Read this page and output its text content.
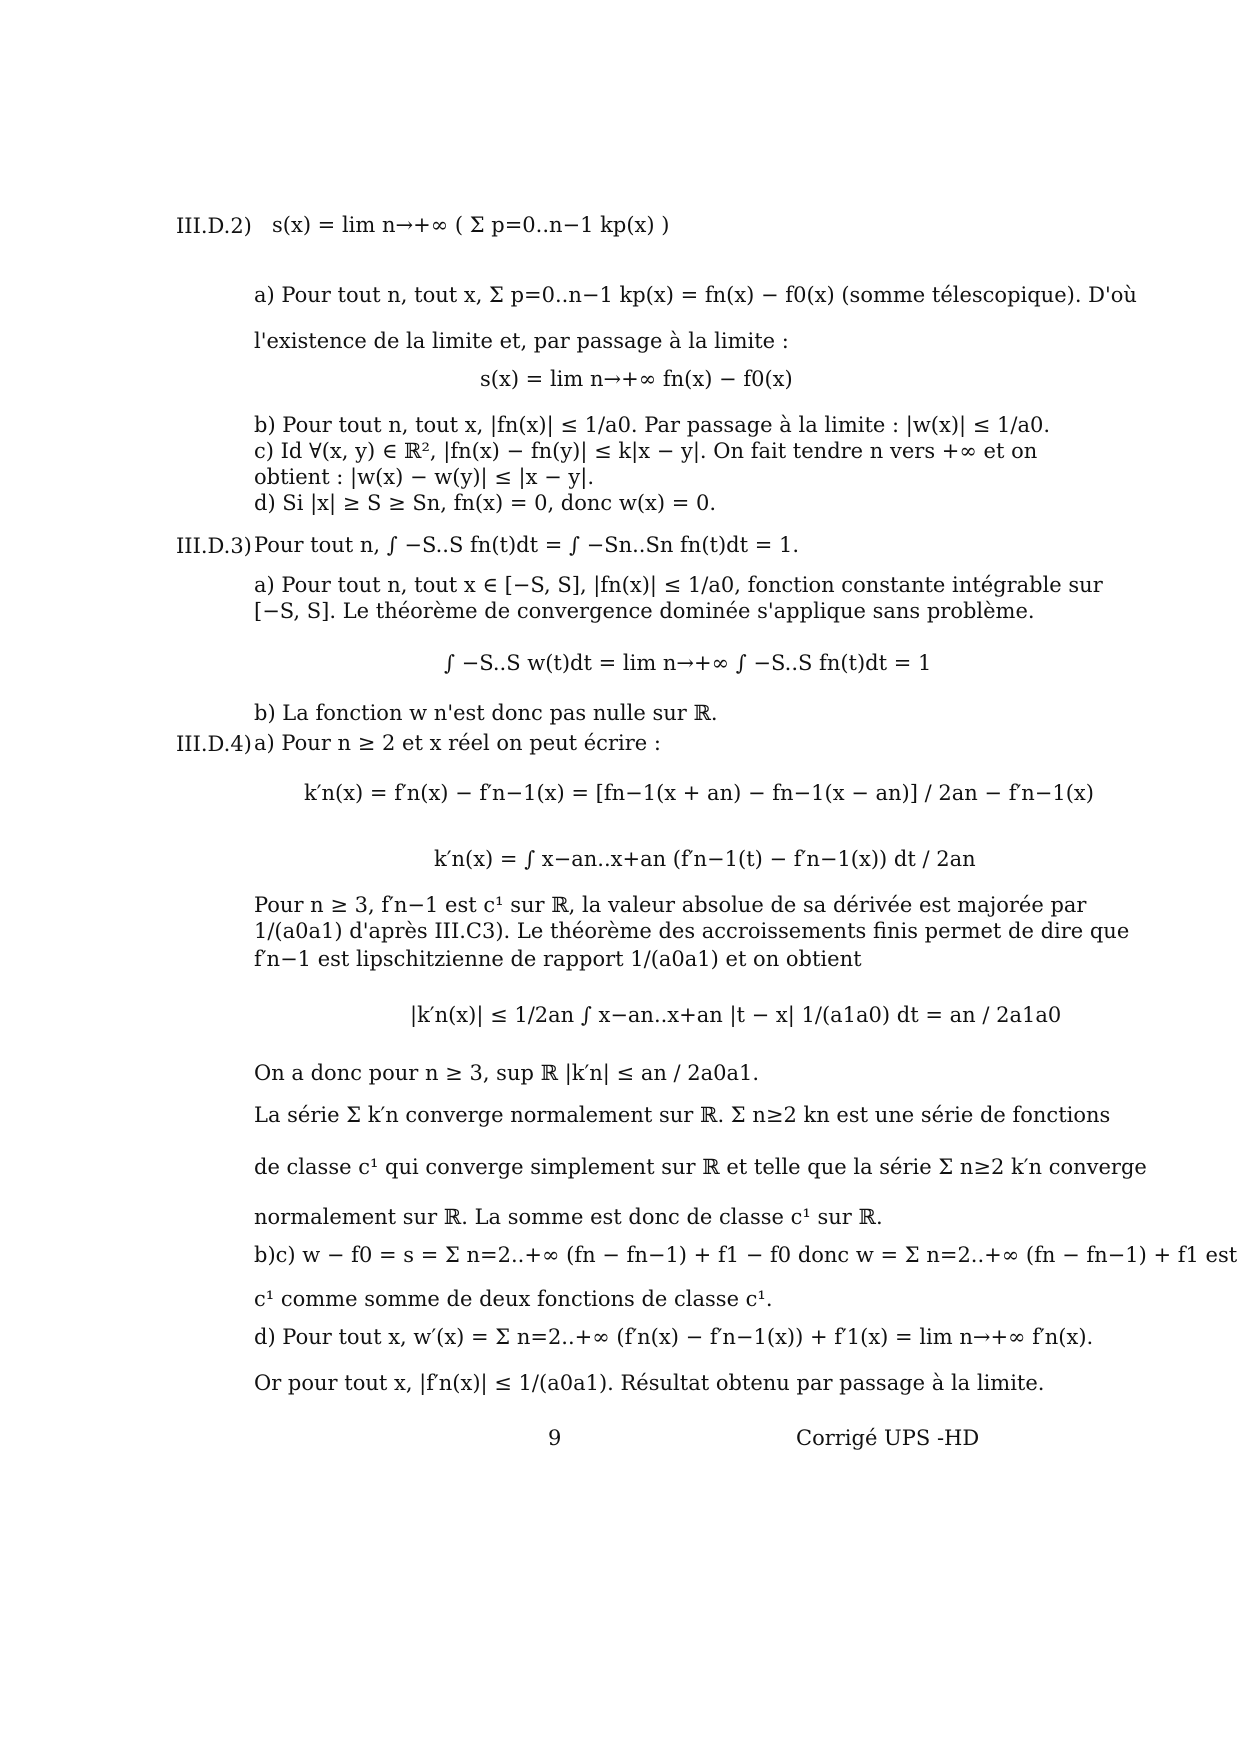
III.D.2) s(x) = lim n→+∞ ( Σ p=0..n−1 kp(x) )
a) Pour tout n, tout x, Σ p=0..n−1 kp(x) = fn(x) − f0(x) (somme télescopique). D'où
l'existence de la limite et, par passage à la limite :
s(x) = lim n→+∞ fn(x) − f0(x)
b) Pour tout n, tout x, |fn(x)| ≤ 1/a0. Par passage à la limite : |w(x)| ≤ 1/a0.
c) Id ∀(x, y) ∈ ℝ², |fn(x) − fn(y)| ≤ k|x − y|. On fait tendre n vers +∞ et on
obtient : |w(x) − w(y)| ≤ |x − y|.
d) Si |x| ≥ S ≥ Sn, fn(x) = 0, donc w(x) = 0.
III.D.3) Pour tout n, ∫ −S..S fn(t)dt = ∫ −Sn..Sn fn(t)dt = 1.
a) Pour tout n, tout x ∈ [−S, S], |fn(x)| ≤ 1/a0, fonction constante intégrable sur
[−S, S]. Le théorème de convergence dominée s'applique sans problème.
∫ −S..S w(t)dt = lim n→+∞ ∫ −S..S fn(t)dt = 1
b) La fonction w n'est donc pas nulle sur ℝ.
III.D.4) a) Pour n ≥ 2 et x réel on peut écrire :
k′n(x) = f′n(x) − f′n−1(x) = [fn−1(x + an) − fn−1(x − an)] / 2an − f′n−1(x)
k′n(x) = ∫ x−an..x+an (f′n−1(t) − f′n−1(x)) dt / 2an
Pour n ≥ 3, f′n−1 est c¹ sur ℝ, la valeur absolue de sa dérivée est majorée par
1/(a0a1) d'après III.C3). Le théorème des accroissements finis permet de dire que
f′n−1 est lipschitzienne de rapport 1/(a0a1) et on obtient
|k′n(x)| ≤ 1/2an ∫ x−an..x+an |t − x| 1/(a1a0) dt = an / 2a1a0
On a donc pour n ≥ 3, sup ℝ |k′n| ≤ an / 2a0a1.
La série Σ k′n converge normalement sur ℝ. Σ n≥2 kn est une série de fonctions
de classe c¹ qui converge simplement sur ℝ et telle que la série Σ n≥2 k′n converge
normalement sur ℝ. La somme est donc de classe c¹ sur ℝ.
b)c) w − f0 = s = Σ n=2..+∞ (fn − fn−1) + f1 − f0 donc w = Σ n=2..+∞ (fn − fn−1) + f1 est
c¹ comme somme de deux fonctions de classe c¹.
d) Pour tout x, w′(x) = Σ n=2..+∞ (f′n(x) − f′n−1(x)) + f′1(x) = lim n→+∞ f′n(x).
Or pour tout x, |f′n(x)| ≤ 1/(a0a1). Résultat obtenu par passage à la limite.
9	Corrigé UPS -HD
